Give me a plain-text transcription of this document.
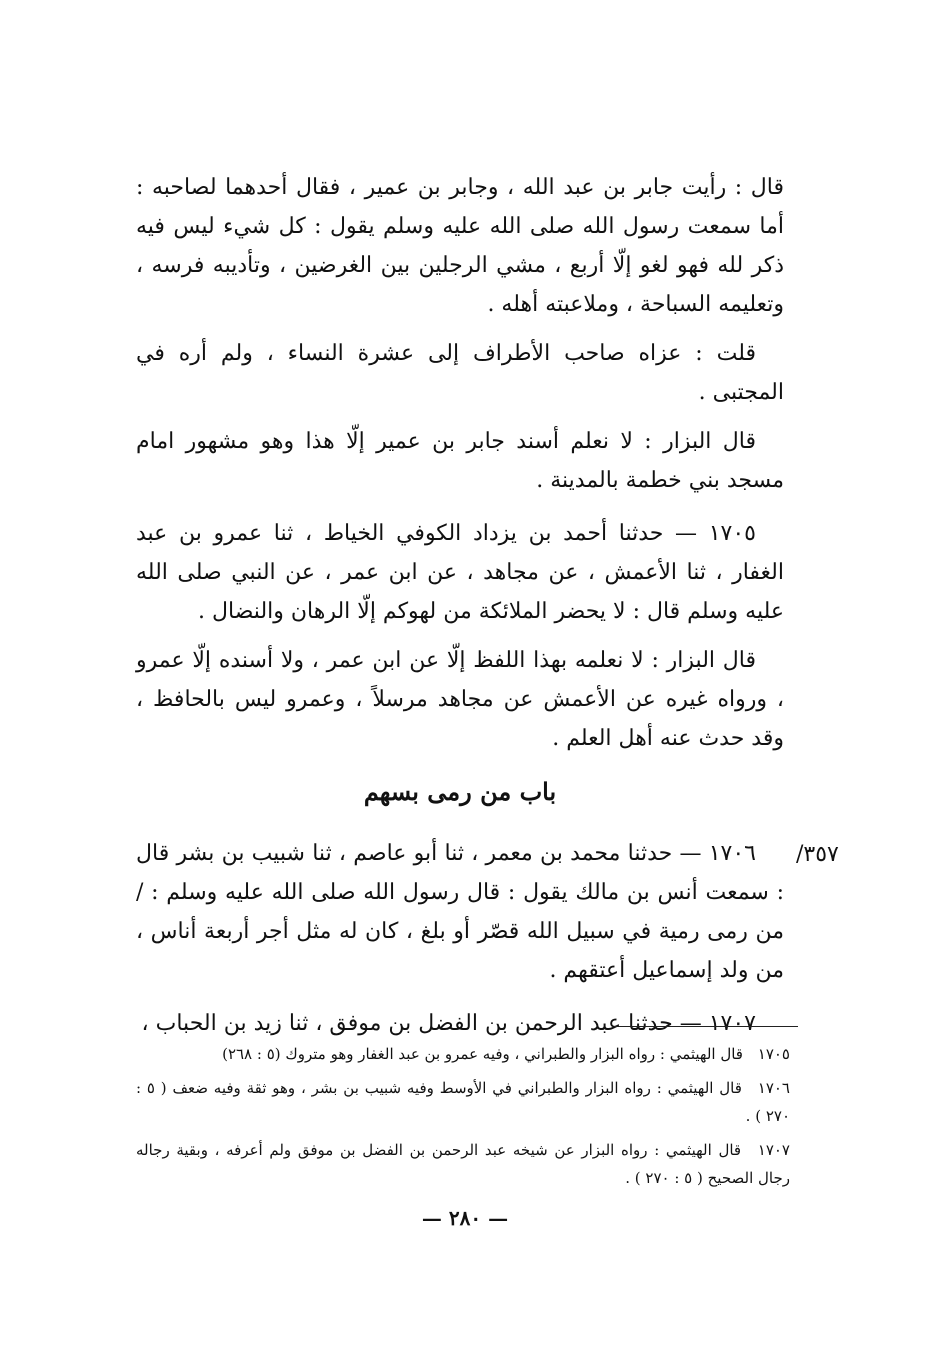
قال : رأيت جابر بن عبد الله ، وجابر بن عمير ، فقال أحدهما لصاحبه : أما سمعت رسول الله صلى الله عليه وسلم يقول : كل شيء ليس فيه ذكر لله فهو لغو إلّا أربع ، مشي الرجلين بين الغرضين ، وتأديبه فرسه ، وتعليمه السباحة ، وملاعبته أهله .

قلت : عزاه صاحب الأطراف إلى عشرة النساء ، ولم أره في المجتبى .

قال البزار : لا نعلم أسند جابر بن عمير إلّا هذا وهو مشهور امام مسجد بني خطمة بالمدينة .

١٧٠٥ — حدثنا أحمد بن يزداد الكوفي الخياط ، ثنا عمرو بن عبد الغفار ، ثنا الأعمش ، عن مجاهد ، عن ابن عمر ، عن النبي صلى الله عليه وسلم قال : لا يحضر الملائكة من لهوكم إلّا الرهان والنضال .

قال البزار : لا نعلمه بهذا اللفظ إلّا عن ابن عمر ، ولا أسنده إلّا عمرو ، ورواه غيره عن الأعمش عن مجاهد مرسلاً ، وعمرو ليس بالحافظ ، وقد حدث عنه أهل العلم .

باب من رمى بسهم

١٧٠٦ — حدثنا محمد بن معمر ، ثنا أبو عاصم ، ثنا شبيب بن بشر قال : سمعت أنس بن مالك يقول : قال رسول الله صلى الله عليه وسلم : / من رمى رمية في سبيل الله قصّر أو بلغ ، كان له مثل أجر أربعة أناس ، من ولد إسماعيل أعتقهم .

١٧٠٧ — حدثنا عبد الرحمن بن الفضل بن موفق ، ثنا زيد بن الحباب ،

٣٥٧/

١٧٠٥ قال الهيثمي : رواه البزار والطبراني ، وفيه عمرو بن عبد الغفار وهو متروك (٥ : ٢٦٨)

١٧٠٦ قال الهيثمي : رواه البزار والطبراني في الأوسط وفيه شبيب بن بشر ، وهو ثقة وفيه ضعف ( ٥ : ٢٧٠ ) .

١٧٠٧ قال الهيثمي : رواه البزار عن شيخه عبد الرحمن بن الفضل بن موفق ولم أعرفه ، وبقية رجاله رجال الصحيح ( ٥ : ٢٧٠ ) .

— ٢٨٠ —
